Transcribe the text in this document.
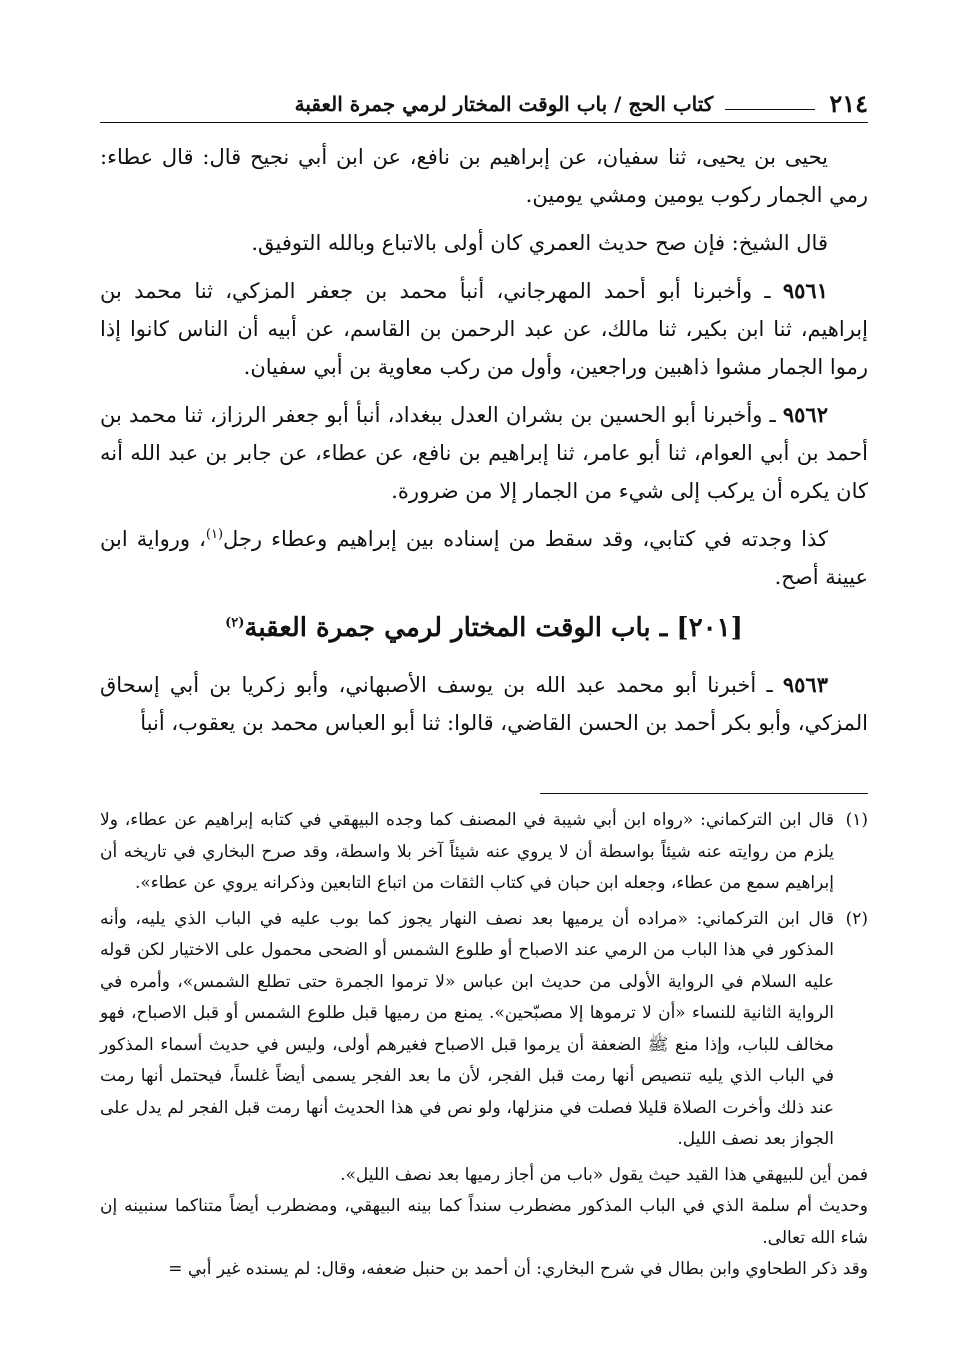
٢١٤
كتاب الحج / باب الوقت المختار لرمي جمرة العقبة

يحيى بن يحيى، ثنا سفيان، عن إبراهيم بن نافع، عن ابن أبي نجيح قال: قال عطاء: رمي الجمار ركوب يومين ومشي يومين.

قال الشيخ: فإن صح حديث العمري كان أولى بالاتباع وبالله التوفيق.

٩٥٦١ ـ وأخبرنا أبو أحمد المهرجاني، أنبأ محمد بن جعفر المزكي، ثنا محمد بن إبراهيم، ثنا ابن بكير، ثنا مالك، عن عبد الرحمن بن القاسم، عن أبيه أن الناس كانوا إذا رموا الجمار مشوا ذاهبين وراجعين، وأول من ركب معاوية بن أبي سفيان.

٩٥٦٢ ـ وأخبرنا أبو الحسين بن بشران العدل ببغداد، أنبأ أبو جعفر الرزاز، ثنا محمد بن أحمد بن أبي العوام، ثنا أبو عامر، ثنا إبراهيم بن نافع، عن عطاء، عن جابر بن عبد الله أنه كان يكره أن يركب إلى شيء من الجمار إلا من ضرورة.

كذا وجدته في كتابي، وقد سقط من إسناده بين إبراهيم وعطاء رجل$^{(١)}$، ورواية ابن عيينة أصح.

[٢٠١] ـ باب الوقت المختار لرمي جمرة العقبة$^{(٢)}$

٩٥٦٣ ـ أخبرنا أبو محمد عبد الله بن يوسف الأصبهاني، وأبو زكريا بن أبي إسحاق المزكي، وأبو بكر أحمد بن الحسن القاضي، قالوا: ثنا أبو العباس محمد بن يعقوب، أنبأ

(١)
قال ابن التركماني: «رواه ابن أبي شيبة في المصنف كما وجده البيهقي في كتابه إبراهيم عن عطاء، ولا يلزم من روايته عنه شيئاً بواسطة أن لا يروي عنه شيئاً آخر بلا واسطة، وقد صرح البخاري في تاريخه أن إبراهيم سمع من عطاء، وجعله ابن حبان في كتاب الثقات من اتباع التابعين وذكرانه يروي عن عطاء».
(٢)
قال ابن التركماني: «مراده أن يرميها بعد نصف النهار يجوز كما بوب عليه في الباب الذي يليه، وأنه المذكور في هذا الباب من الرمي عند الاصباح أو طلوع الشمس أو الضحى محمول على الاختيار لكن قوله عليه السلام في الرواية الأولى من حديث ابن عباس «لا ترموا الجمرة حتى تطلع الشمس»، وأمره في الرواية الثانية للنساء «أن لا ترموها إلا مصبّحين». يمنع من رميها قبل طلوع الشمس أو قبل الاصباح، فهو مخالف للباب، وإذا منع ﷺ الضعفة أن يرموا قبل الاصباح فغيرهم أولى، وليس في حديث أسماء المذكور في الباب الذي يليه تنصيص أنها رمت قبل الفجر، لأن ما بعد الفجر يسمى أيضاً غلساً، فيحتمل أنها رمت عند ذلك وأخرت الصلاة قليلا فصلت في منزلها، ولو نص في هذا الحديث أنها رمت قبل الفجر لم يدل على الجواز بعد نصف الليل.

فمن أين للبيهقي هذا القيد حيث يقول «باب من أجاز رميها بعد نصف الليل».

وحديث أم سلمة الذي في الباب المذكور مضطرب سنداً كما بينه البيهقي، ومضطرب أيضاً متناكما سنبينه إن شاء الله تعالى.

وقد ذكر الطحاوي وابن بطال في شرح البخاري: أن أحمد بن حنبل ضعفه، وقال: لم يسنده غير أبي =
